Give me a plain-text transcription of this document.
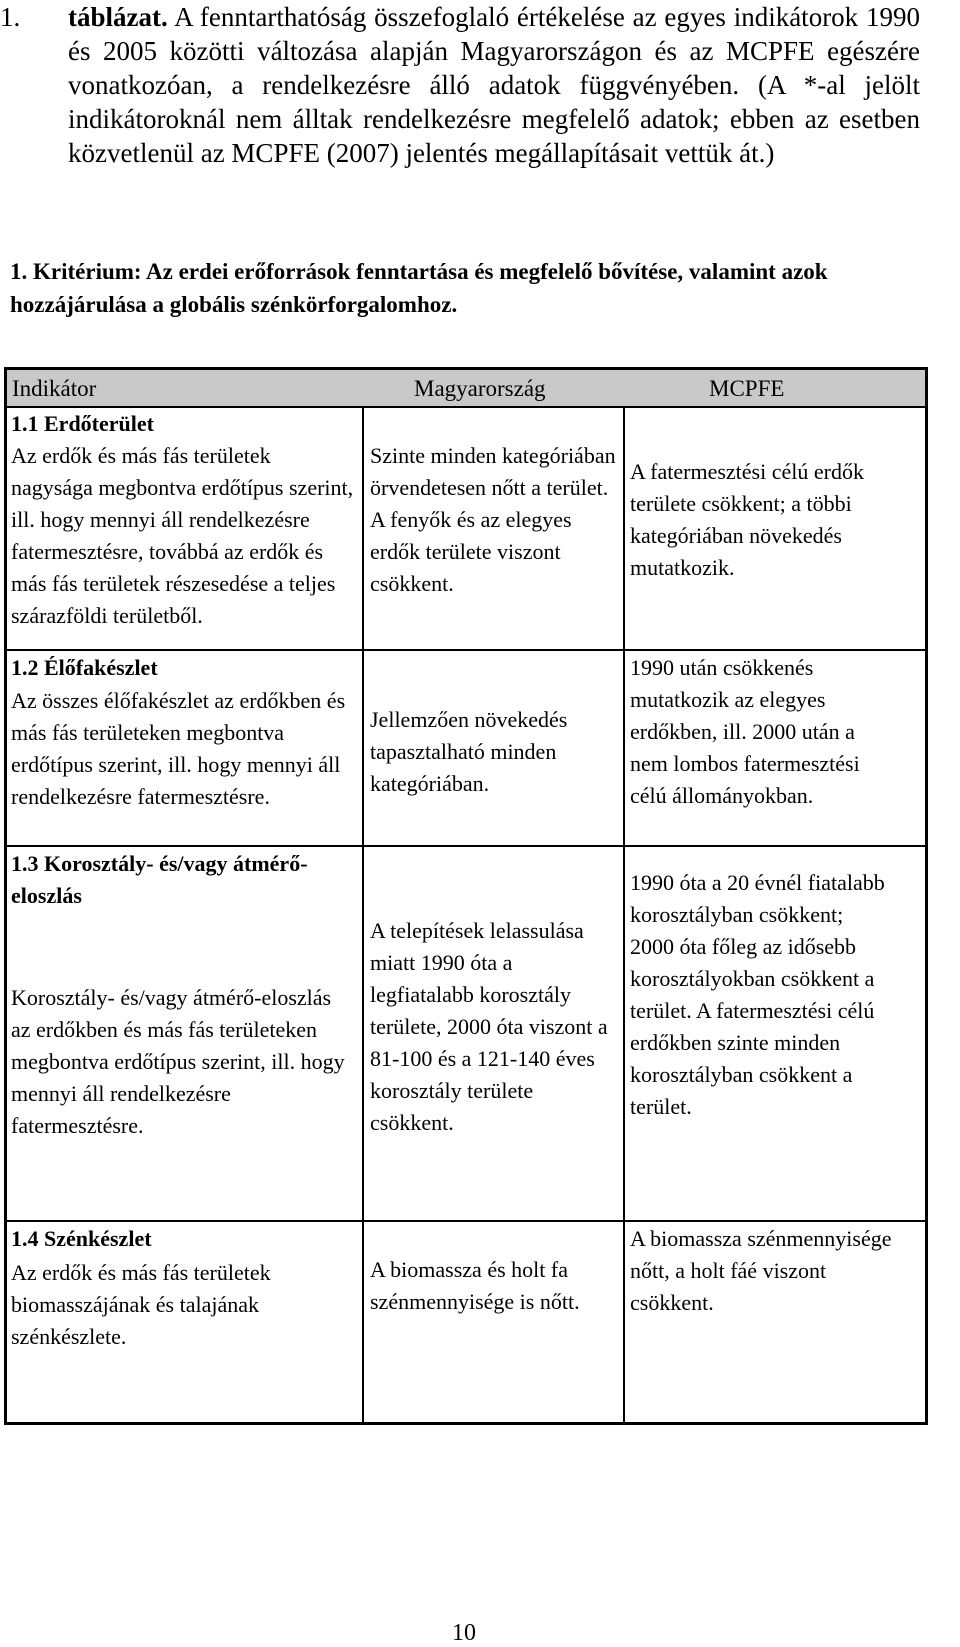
1. táblázat. A fenntarthatóság összefoglaló értékelése az egyes indikátorok 1990 és 2005 közötti változása alapján Magyarországon és az MCPFE egészére vonatkozóan, a rendelkezésre álló adatok függvényében. (A *-al jelölt indikátoroknál nem álltak rendelkezésre megfelelő adatok; ebben az esetben közvetlenül az MCPFE (2007) jelentés megállapításait vettük át.)
1. Kritérium: Az erdei erőforrások fenntartása és megfelelő bővítése, valamint azok hozzájárulása a globális szénkörforgalomhoz.
Indikátor	Magyarország	MCPFE
1.1 Erdőterület
Az erdők és más fás területek nagysága megbontva erdőtípus szerint, ill. hogy mennyi áll rendelkezésre fatermesztésre, továbbá az erdők és más fás területek részesedése a teljes szárazföldi területből.
Szinte minden kategóriában örvendetesen nőtt a terület. A fenyők és az elegyes erdők területe viszont csökkent.
A fatermesztési célú erdők területe csökkent; a többi kategóriában növekedés mutatkozik.
1.2 Élőfakészlet
Az összes élőfakészlet az erdőkben és más fás területeken megbontva erdőtípus szerint, ill. hogy mennyi áll rendelkezésre fatermesztésre.
Jellemzően növekedés tapasztalható minden kategóriában.
1990 után csökkenés mutatkozik az elegyes erdőkben, ill. 2000 után a nem lombos fatermesztési célú állományokban.
1.3 Korosztály- és/vagy átmérő-eloszlás
Korosztály- és/vagy átmérő-eloszlás az erdőkben és más fás területeken megbontva erdőtípus szerint, ill. hogy mennyi áll rendelkezésre fatermesztésre.
A telepítések lelassulása miatt 1990 óta a legfiatalabb korosztály területe, 2000 óta viszont a 81-100 és a 121-140 éves korosztály területe csökkent.
1990 óta a 20 évnél fiatalabb korosztályban csökkent; 2000 óta főleg az idősebb korosztályokban csökkent a terület. A fatermesztési célú erdőkben szinte minden korosztályban csökkent a terület.
1.4 Szénkészlet
Az erdők és más fás területek biomasszájának és talajának szénkészlete.
A biomassza és holt fa szénmennyisége is nőtt.
A biomassza szénmennyisége nőtt, a holt fáé viszont csökkent.
10
